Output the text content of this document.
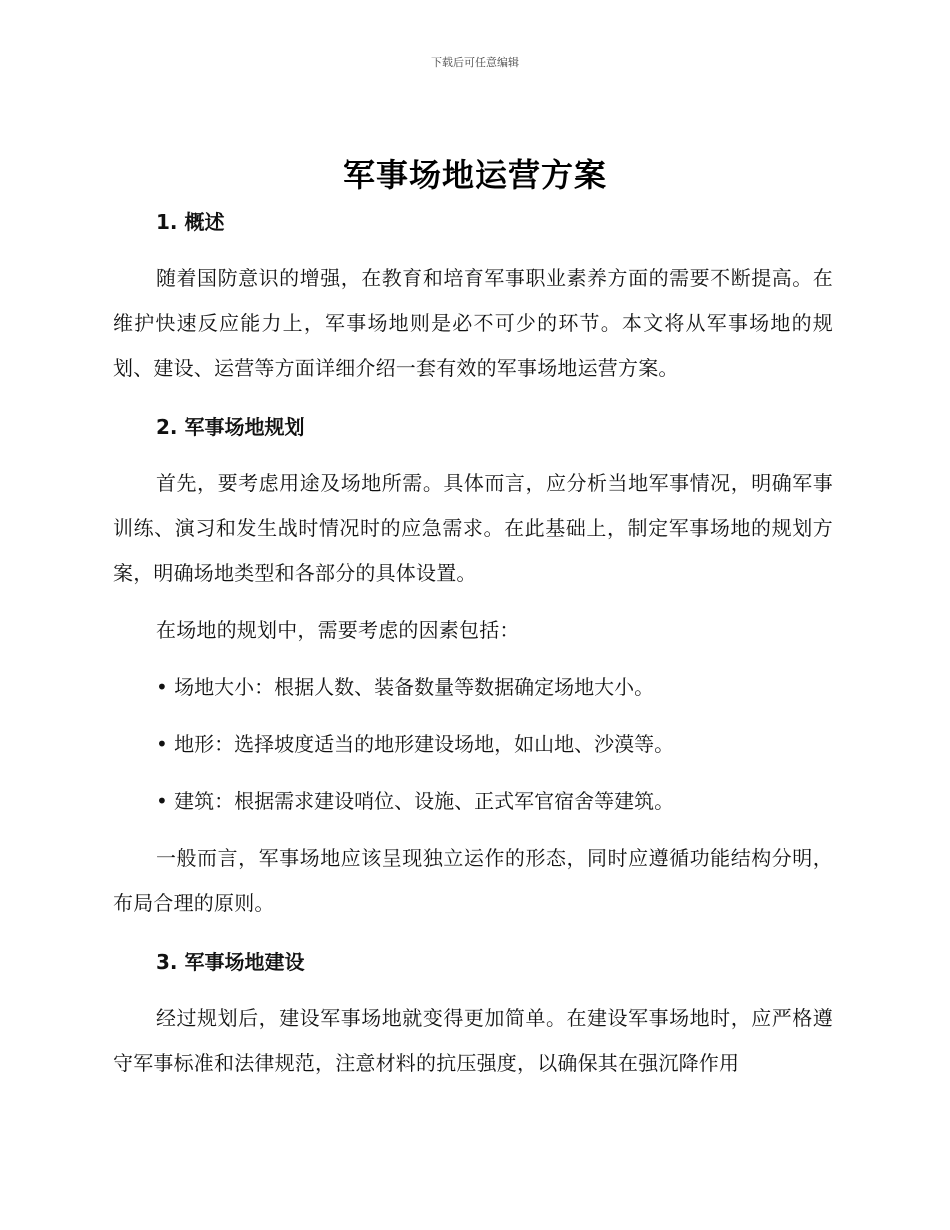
下载后可任意编辑
军事场地运营方案

1. 概述

随着国防意识的增强，在教育和培育军事职业素养方面的需要不断提高。在维护快速反应能力上，军事场地则是必不可少的环节。本文将从军事场地的规划、建设、运营等方面详细介绍一套有效的军事场地运营方案。

2. 军事场地规划

首先，要考虑用途及场地所需。具体而言，应分析当地军事情况，明确军事训练、演习和发生战时情况时的应急需求。在此基础上，制定军事场地的规划方案，明确场地类型和各部分的具体设置。

在场地的规划中，需要考虑的因素包括：

• 场地大小：根据人数、装备数量等数据确定场地大小。

• 地形：选择坡度适当的地形建设场地，如山地、沙漠等。

• 建筑：根据需求建设哨位、设施、正式军官宿舍等建筑。

一般而言，军事场地应该呈现独立运作的形态，同时应遵循功能结构分明，布局合理的原则。

3. 军事场地建设

经过规划后，建设军事场地就变得更加简单。在建设军事场地时，应严格遵守军事标准和法律规范，注意材料的抗压强度，以确保其在强沉降作用
